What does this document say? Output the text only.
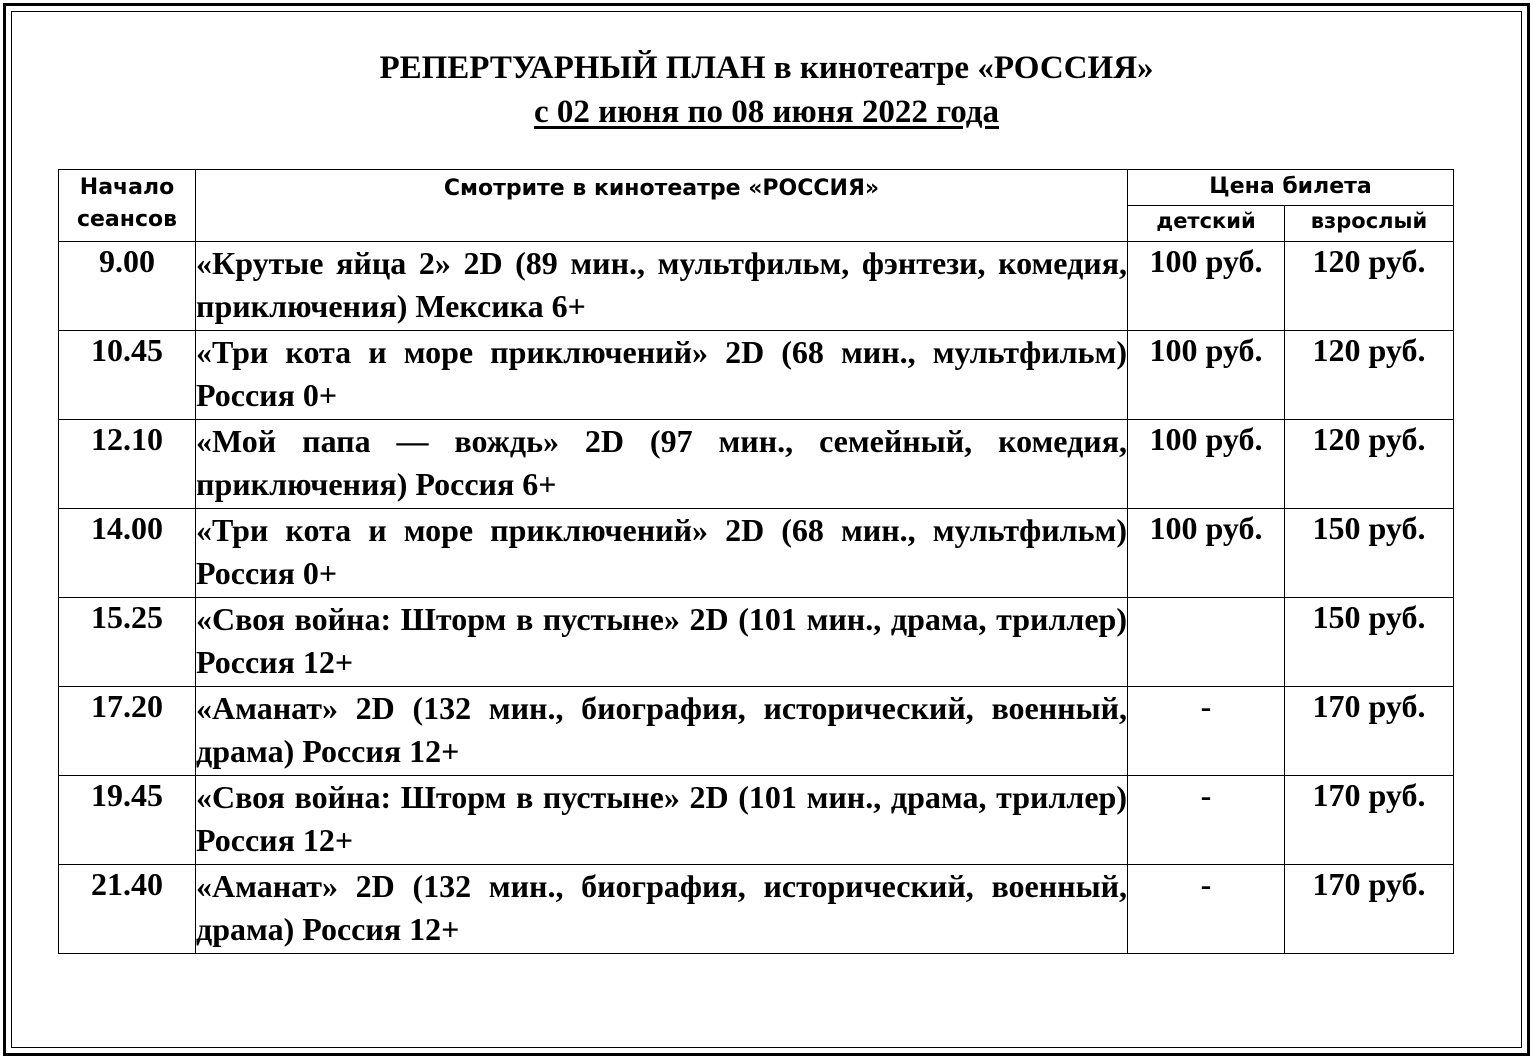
РЕПЕРТУАРНЫЙ ПЛАН в кинотеатре «РОССИЯ»
с 02 июня по 08 июня 2022 года
Начало сеансов	Смотрите в кинотеатре «РОССИЯ»	Цена билета	
		детский	взрослый
9.00	«Крутые яйца 2» 2D (89 мин., мультфильм, фэнтези, комедия, приключения) Мексика 6+	100 руб.	120 руб.
10.45	«Три кота и море приключений» 2D (68 мин., мультфильм) Россия 0+	100 руб.	120 руб.
12.10	«Мой папа — вождь» 2D (97 мин., семейный, комедия, приключения) Россия 6+	100 руб.	120 руб.
14.00	«Три кота и море приключений» 2D (68 мин., мультфильм) Россия 0+	100 руб.	150 руб.
15.25	«Своя война: Шторм в пустыне» 2D (101 мин., драма, триллер) Россия 12+		150 руб.
17.20	«Аманат» 2D (132 мин., биография, исторический, военный, драма) Россия 12+	-	170 руб.
19.45	«Своя война: Шторм в пустыне» 2D (101 мин., драма, триллер) Россия 12+	-	170 руб.
21.40	«Аманат» 2D (132 мин., биография, исторический, военный, драма) Россия 12+	-	170 руб.
